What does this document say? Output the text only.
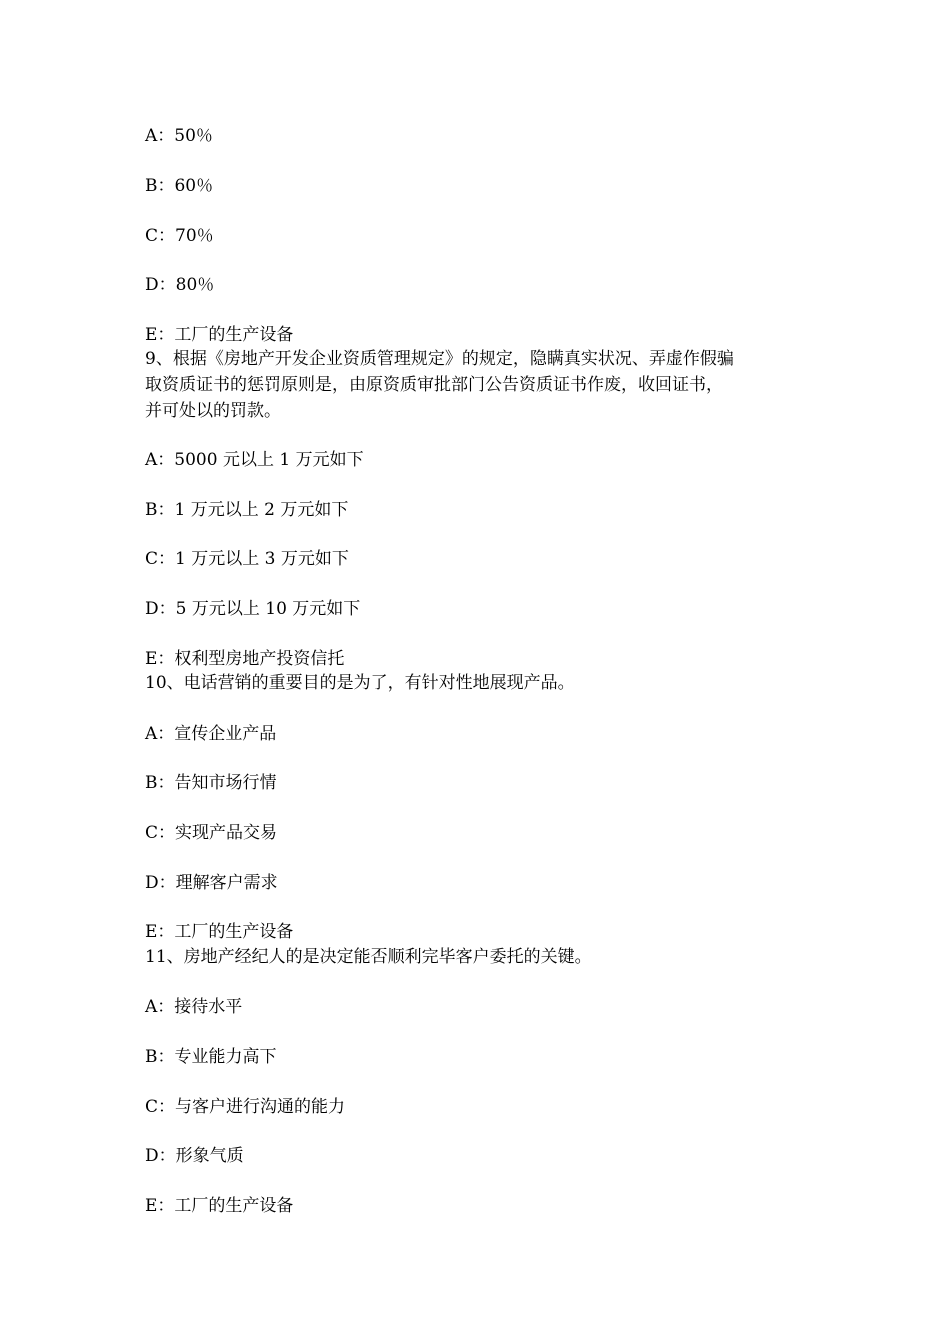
A：50％
B：60％
C：70％
D：80％
E：工厂的生产设备
9、根据《房地产开发企业资质管理规定》的规定，隐瞒真实状况、弄虚作假骗
取资质证书的惩罚原则是，由原资质审批部门公告资质证书作废，收回证书，
并可处以的罚款。
A：5000 元以上 1 万元如下
B：1 万元以上 2 万元如下
C：1 万元以上 3 万元如下
D：5 万元以上 10 万元如下
E：权利型房地产投资信托
10、电话营销的重要目的是为了，有针对性地展现产品。
A：宣传企业产品
B：告知市场行情
C：实现产品交易
D：理解客户需求
E：工厂的生产设备
11、房地产经纪人的是决定能否顺利完毕客户委托的关键。
A：接待水平
B：专业能力高下
C：与客户进行沟通的能力
D：形象气质
E：工厂的生产设备
